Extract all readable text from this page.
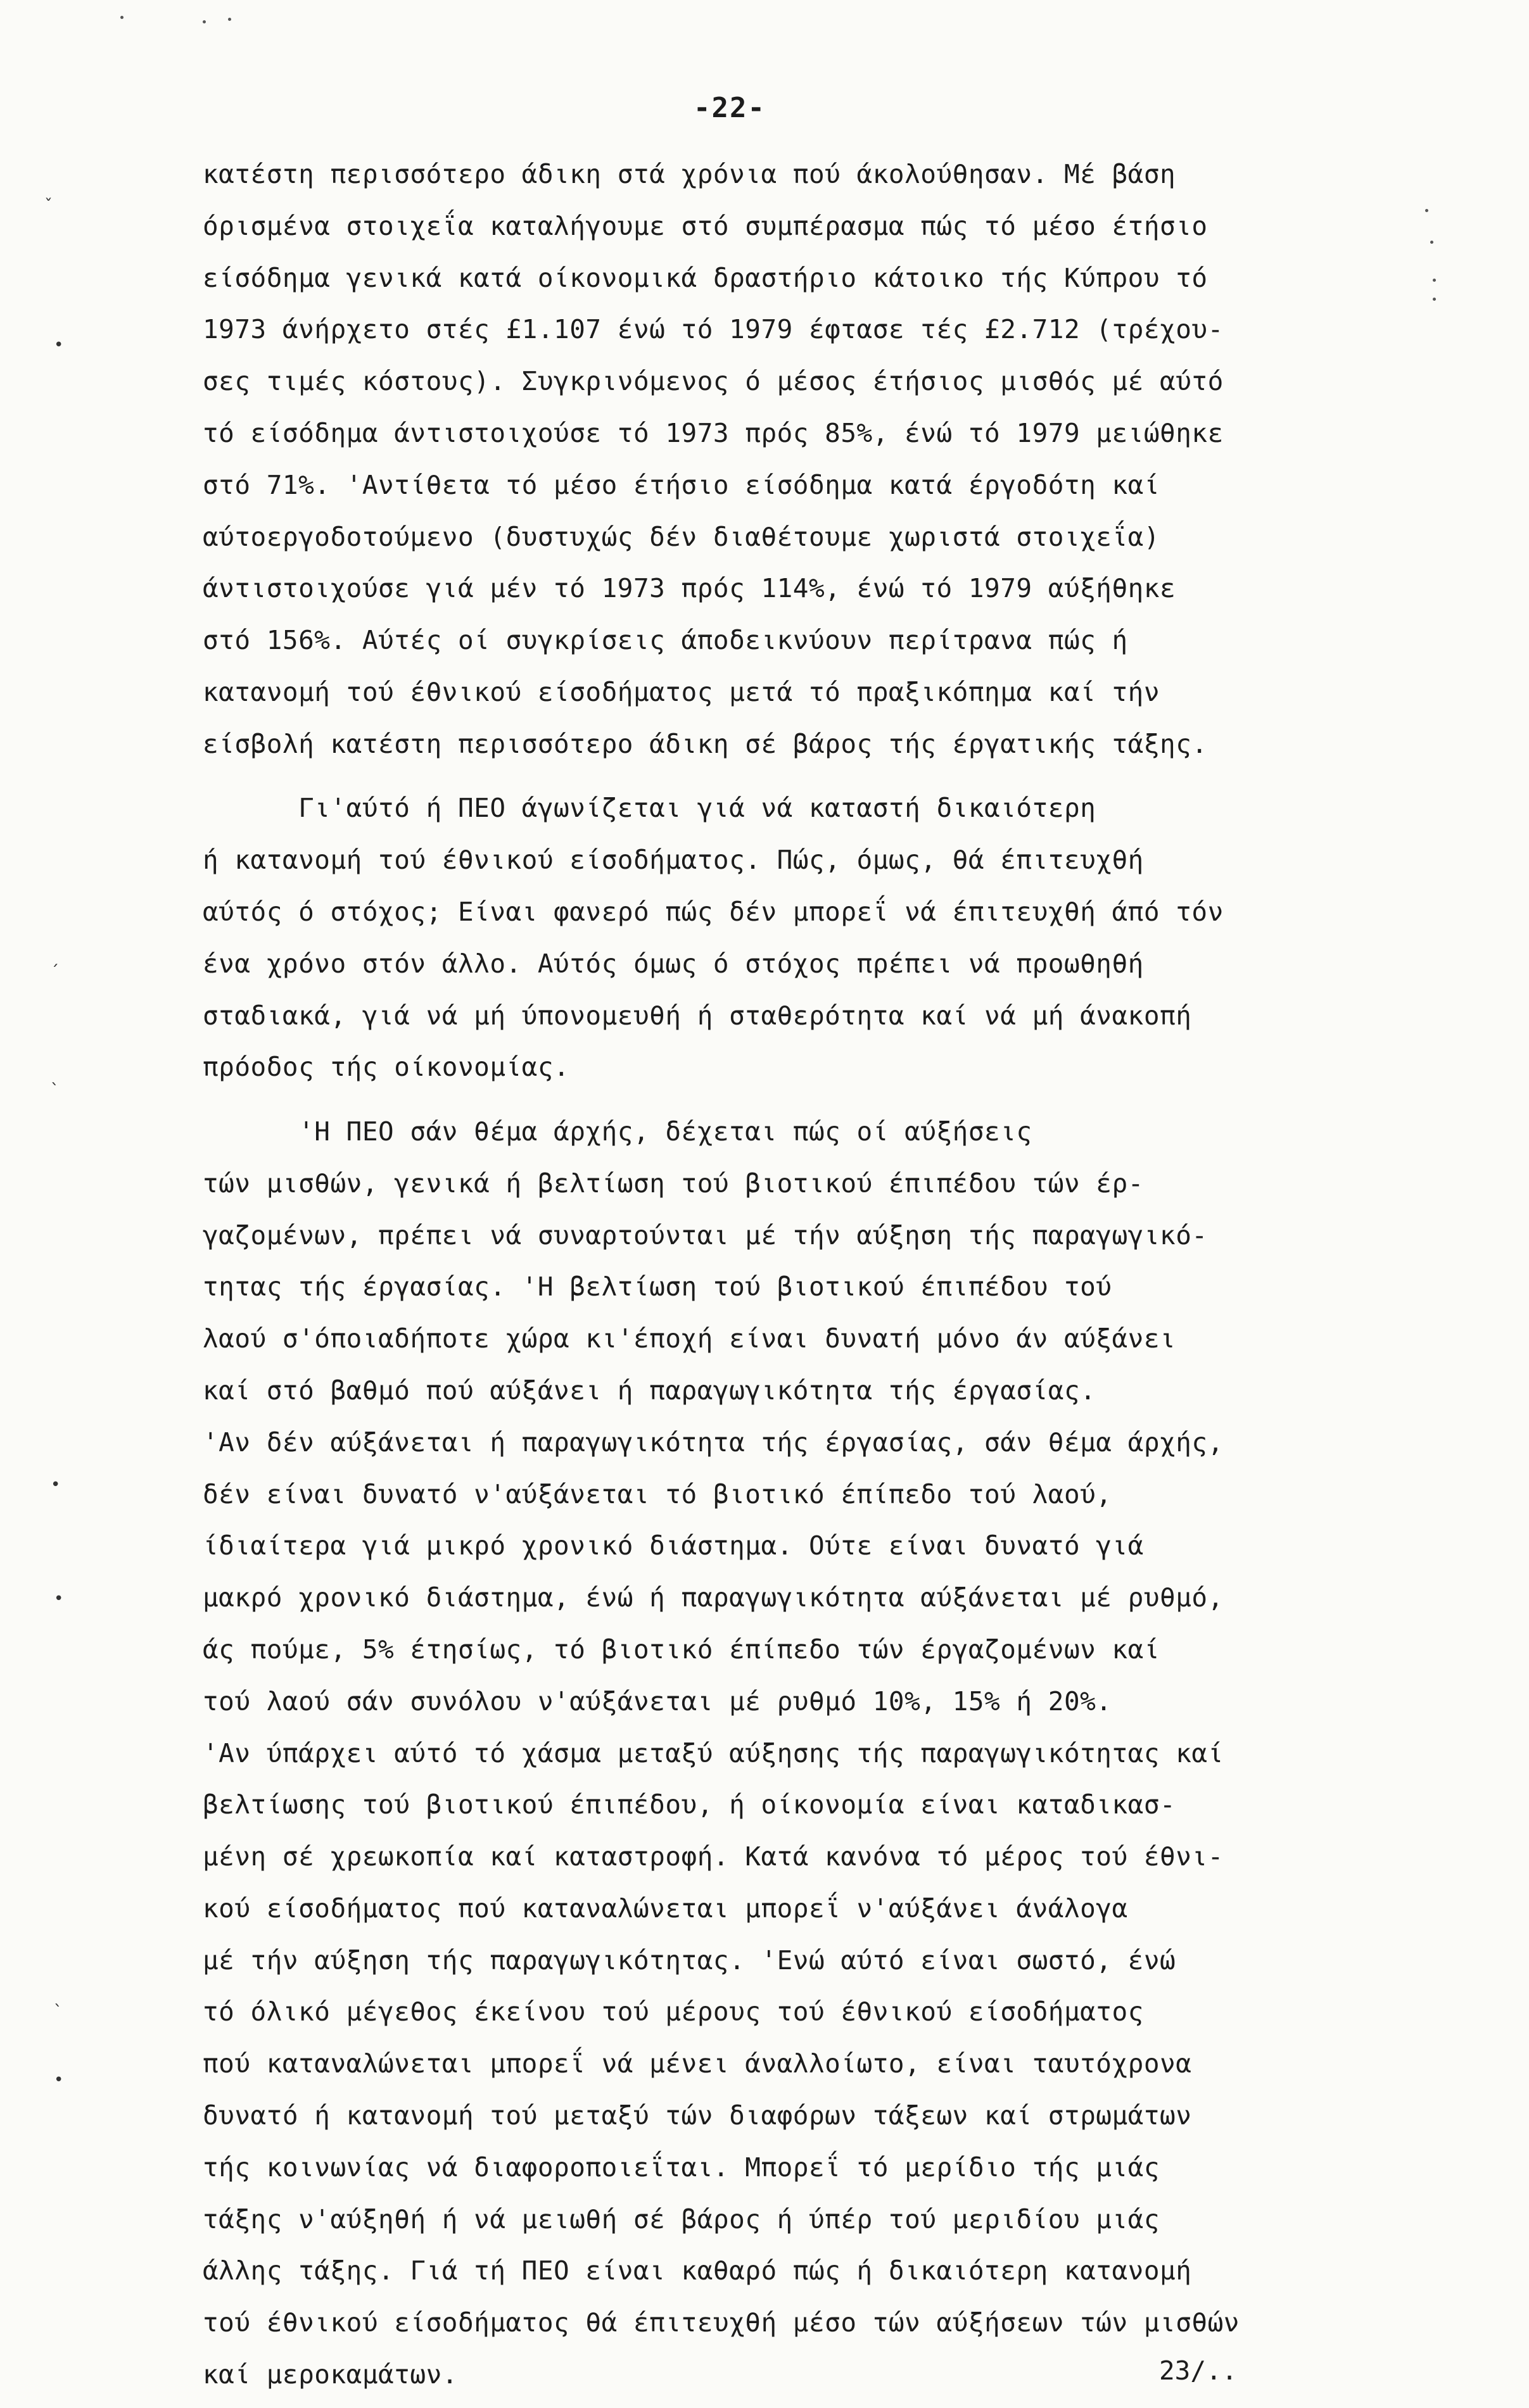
-22-
κατέστη περισσότερο άδικη στά χρόνια πού άκολούθησαν. Μέ βάση
όρισμένα στοιχεΐα καταλήγουμε στό συμπέρασμα πώς τό μέσο έτήσιο
είσόδημα γενικά κατά οίκονομικά δραστήριο κάτοικο τής Κύπρου τό
1973 άνήρχετο στές £1.107 ένώ τό 1979 έφτασε τές £2.712 (τρέχου-
σες τιμές κόστους). Συγκρινόμενος ό μέσος έτήσιος μισθός μέ αύτό
τό είσόδημα άντιστοιχούσε τό 1973 πρός 85%, ένώ τό 1979 μειώθηκε
στό 71%. 'Αντίθετα τό μέσο έτήσιο είσόδημα κατά έργοδότη καί
αύτοεργοδοτούμενο (δυστυχώς δέν διαθέτουμε χωριστά στοιχεΐα)
άντιστοιχούσε γιά μέν τό 1973 πρός 114%, ένώ τό 1979 αύξήθηκε
στό 156%. Αύτές οί συγκρίσεις άποδεικνύουν περίτρανα πώς ή
κατανομή τού έθνικού είσοδήματος μετά τό πραξικόπημα καί τήν
είσβολή κατέστη περισσότερο άδικη σέ βάρος τής έργατικής τάξης.
Γι'αύτό ή ΠΕΟ άγωνίζεται γιά νά καταστή δικαιότερη
ή κατανομή τού έθνικού είσοδήματος. Πώς, όμως, θά έπιτευχθή
αύτός ό στόχος; Είναι φανερό πώς δέν μπορεΐ νά έπιτευχθή άπό τόν
ένα χρόνο στόν άλλο. Αύτός όμως ό στόχος πρέπει νά προωθηθή
σταδιακά, γιά νά μή ύπονομευθή ή σταθερότητα καί νά μή άνακοπή
πρόοδος τής οίκονομίας.
'Η ΠΕΟ σάν θέμα άρχής, δέχεται πώς οί αύξήσεις
τών μισθών, γενικά ή βελτίωση τού βιοτικού έπιπέδου τών έρ-
γαζομένων, πρέπει νά συναρτούνται μέ τήν αύξηση τής παραγωγικό-
τητας τής έργασίας. 'Η βελτίωση τού βιοτικού έπιπέδου τού
λαού σ'όποιαδήποτε χώρα κι'έποχή είναι δυνατή μόνο άν αύξάνει
καί στό βαθμό πού αύξάνει ή παραγωγικότητα τής έργασίας.
'Αν δέν αύξάνεται ή παραγωγικότητα τής έργασίας, σάν θέμα άρχής,
δέν είναι δυνατό ν'αύξάνεται τό βιοτικό έπίπεδο τού λαού,
ίδιαίτερα γιά μικρό χρονικό διάστημα. Ούτε είναι δυνατό γιά
μακρό χρονικό διάστημα, ένώ ή παραγωγικότητα αύξάνεται μέ ρυθμό,
άς πούμε, 5% έτησίως, τό βιοτικό έπίπεδο τών έργαζομένων καί
τού λαού σάν συνόλου ν'αύξάνεται μέ ρυθμό 10%, 15% ή 20%.
'Αν ύπάρχει αύτό τό χάσμα μεταξύ αύξησης τής παραγωγικότητας καί
βελτίωσης τού βιοτικού έπιπέδου, ή οίκονομία είναι καταδικασ-
μένη σέ χρεωκοπία καί καταστροφή. Κατά κανόνα τό μέρος τού έθνι-
κού είσοδήματος πού καταναλώνεται μπορεΐ ν'αύξάνει άνάλογα
μέ τήν αύξηση τής παραγωγικότητας. 'Ενώ αύτό είναι σωστό, ένώ
τό όλικό μέγεθος έκείνου τού μέρους τού έθνικού είσοδήματος
πού καταναλώνεται μπορεΐ νά μένει άναλλοίωτο, είναι ταυτόχρονα
δυνατό ή κατανομή τού μεταξύ τών διαφόρων τάξεων καί στρωμάτων
τής κοινωνίας νά διαφοροποιεΐται. Μπορεΐ τό μερίδιο τής μιάς
τάξης ν'αύξηθή ή νά μειωθή σέ βάρος ή ύπέρ τού μεριδίου μιάς
άλλης τάξης. Γιά τή ΠΕΟ είναι καθαρό πώς ή δικαιότερη κατανομή
τού έθνικού είσοδήματος θά έπιτευχθή μέσο τών αύξήσεων τών μισθών
καί μεροκαμάτων.	23/..
ˇ
•
ˊ
ˎ
•
•
ˎ
•
